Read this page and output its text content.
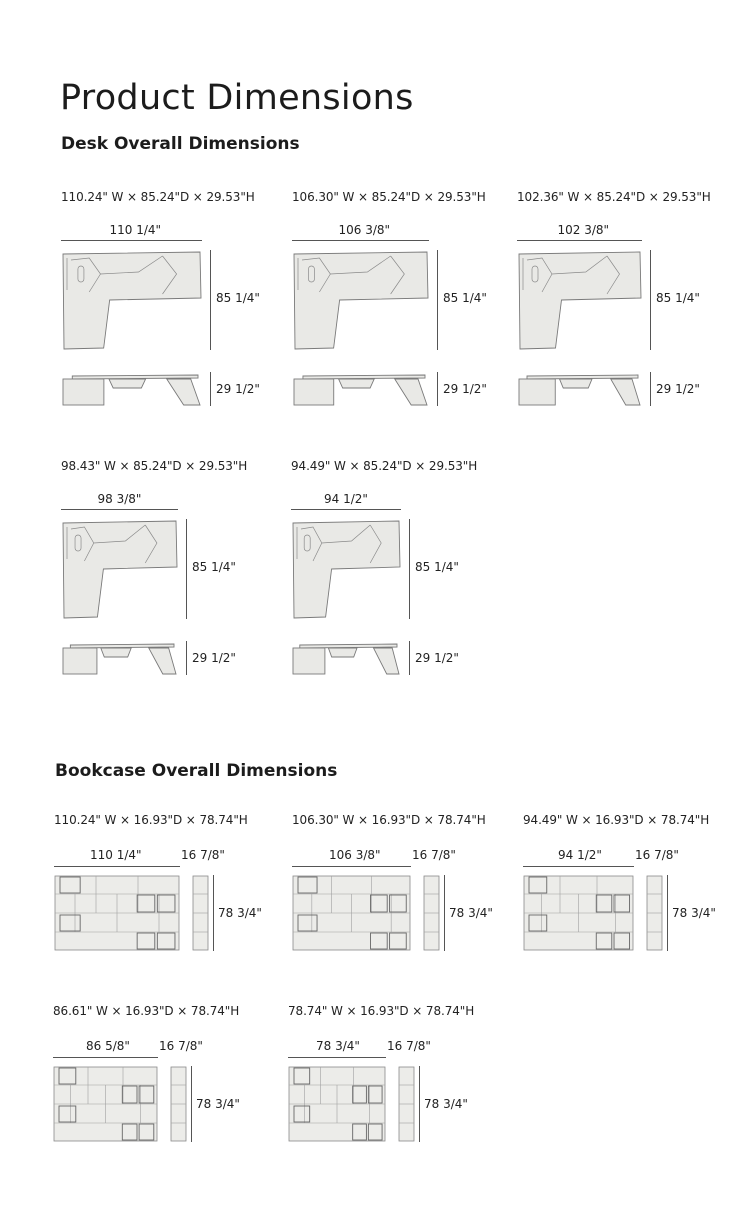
Product Dimensions
Desk Overall Dimensions
Bookcase Overall Dimensions
110.24" W × 85.24"D × 29.53"H
110 1/4"
85 1/4"
29 1/2"
106.30" W × 85.24"D × 29.53"H
106 3/8"
85 1/4"
29 1/2"
102.36" W × 85.24"D × 29.53"H
102 3/8"
85 1/4"
29 1/2"
98.43" W × 85.24"D × 29.53"H
98 3/8"
85 1/4"
29 1/2"
94.49" W × 85.24"D × 29.53"H
94 1/2"
85 1/4"
29 1/2"
110.24" W × 16.93"D × 78.74"H
110 1/4"	16 7/8"
78 3/4"
106.30" W × 16.93"D × 78.74"H
106 3/8"	16 7/8"
78 3/4"
94.49" W × 16.93"D × 78.74"H
94 1/2"	16 7/8"
78 3/4"
86.61" W × 16.93"D × 78.74"H
86 5/8" 16 7/8"
78 3/4"
78.74" W × 16.93"D × 78.74"H
78 3/4" 16 7/8"
78 3/4"
